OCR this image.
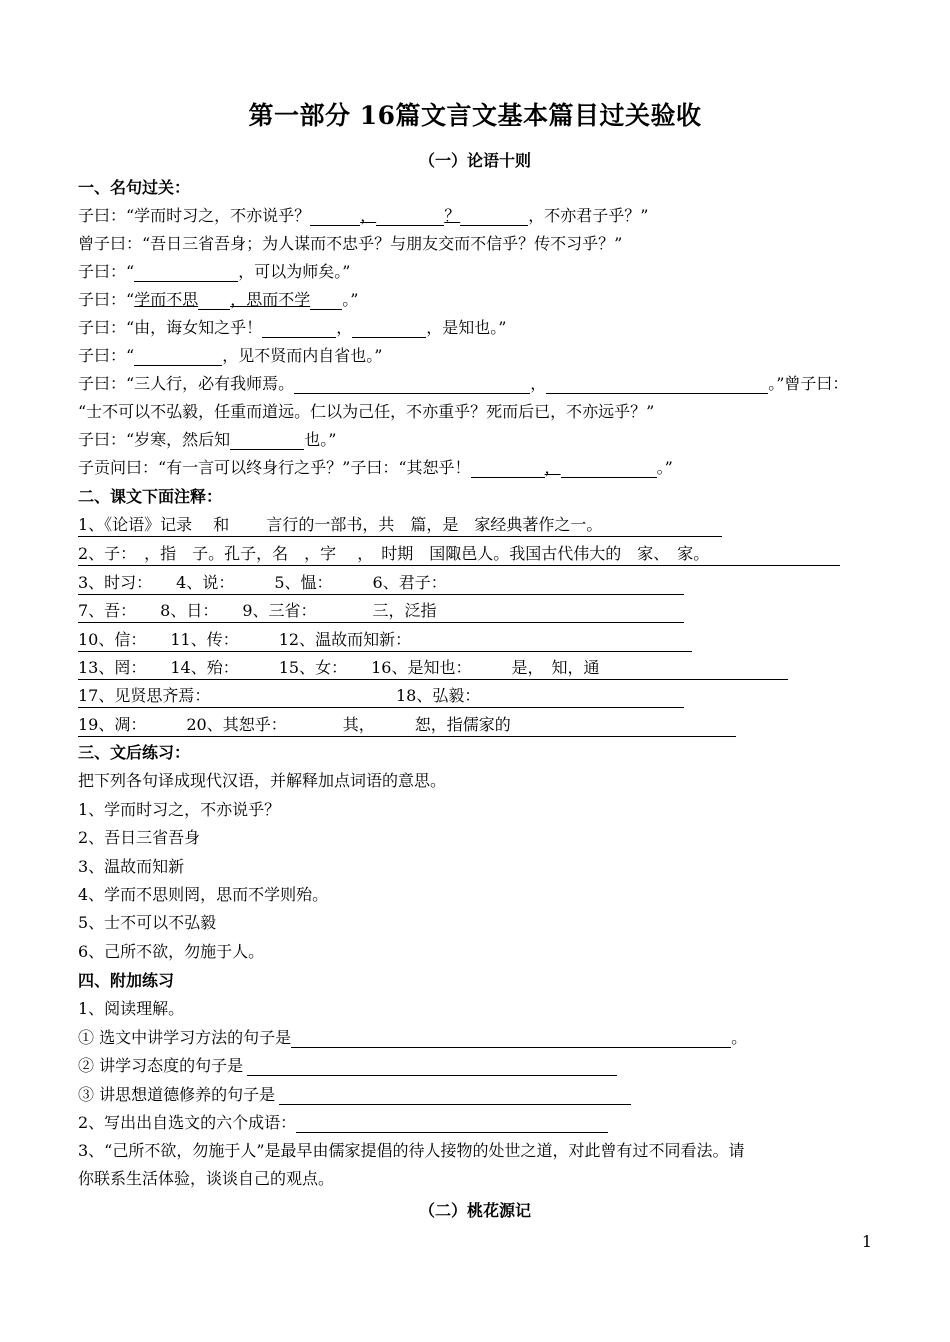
第一部分 16篇文言文基本篇目过关验收
（一）论语十则
一、名句过关：
子曰：“学而时习之，不亦说乎？	，	？	，不亦君子乎？”
曾子曰：“吾日三省吾身；为人谋而不忠乎？与朋友交而不信乎？传不习乎？”
子曰：“	，可以为师矣。”
子曰：“学而不思 ，思而不学 。”
子曰：“由，诲女知之乎！	，	，是知也。”
子曰：“	，见不贤而内自省也。”
子曰：“三人行，必有我师焉。	，	。”曾子曰：
“士不可以不弘毅，任重而道远。仁以为己任，不亦重乎？死而后已，不亦远乎？”
子曰：“岁寒，然后知	也。”
子贡问曰：“有一言可以终身行之乎？”子曰：“其恕乎！	，	。”
二、课文下面注释：
1、《论语》记录　 和　　 言行的一部书，共　篇，是　家经典著作之一。
2、子：　，指　子。孔子，名　，字　 ，　时期　国陬邑人。我国古代伟大的　家、　家。
3、时习：　　4、说：　　　5、愠：　　　6、君子：
7、吾：　　8、日：　　9、三省：　　　　三，泛指
10、信：　　11、传：　　　12、温故而知新：
13、罔：　　14、殆：　　　15、女：　　16、是知也：　　　是，　知，通
17、见贤思齐焉：	18、弘毅：
19、凋：　　　20、其恕乎：　　　　其，　　　恕，指儒家的
三、文后练习：
把下列各句译成现代汉语，并解释加点词语的意思。
1、学而时习之，不亦说乎？
2、吾日三省吾身
3、温故而知新
4、学而不思则罔，思而不学则殆。
5、士不可以不弘毅
6、己所不欲，勿施于人。
四、附加练习
1、阅读理解。
① 选文中讲学习方法的句子是	。
② 讲学习态度的句子是
③ 讲思想道德修养的句子是
2、写出出自选文的六个成语：
3、“己所不欲，勿施于人”是最早由儒家提倡的待人接物的处世之道，对此曾有过不同看法。请
你联系生活体验，谈谈自己的观点。
（二）桃花源记
1
